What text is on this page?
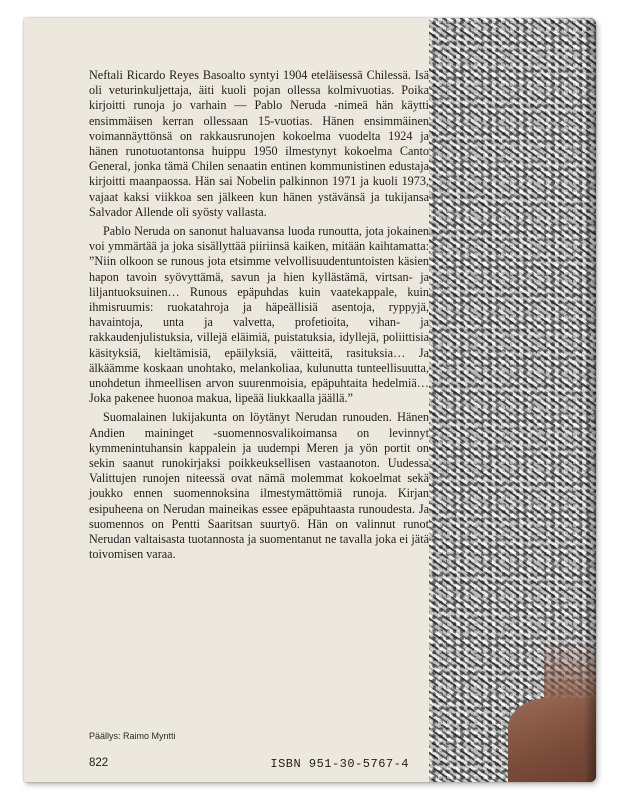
Neftali Ricardo Reyes Basoalto syntyi 1904 eteläisessä Chilessä. Isä oli veturinkuljettaja, äiti kuoli pojan ollessa kolmivuotias. Poika kirjoitti runoja jo varhain — Pablo Neruda -nimeä hän käytti ensimmäisen kerran ollessaan 15-vuotias. Hänen ensimmäinen voimannäyttönsä on rakkausrunojen kokoelma vuodelta 1924 ja hänen runotuotantonsa huippu 1950 ilmestynyt kokoelma Canto General, jonka tämä Chilen senaatin entinen kommunistinen edustaja kirjoitti maanpaossa. Hän sai Nobelin palkinnon 1971 ja kuoli 1973, vajaat kaksi viikkoa sen jälkeen kun hänen ystävänsä ja tukijansa Salvador Allende oli syösty vallasta.

Pablo Neruda on sanonut haluavansa luoda runoutta, jota jokainen voi ymmärtää ja joka sisällyttää piiriinsä kaiken, mitään kaihtamatta: ”Niin olkoon se runous jota etsimme velvollisuudentuntoisten käsien hapon tavoin syövyttämä, savun ja hien kyllästämä, virtsan- ja liljantuoksuinen… Runous epäpuhdas kuin vaatekappale, kuin ihmisruumis: ruokatahroja ja häpeällisiä asentoja, ryppyjä, havaintoja, unta ja valvetta, profetioita, vihan- ja rakkaudenjulistuksia, villejä eläimiä, puistatuksia, idyllejä, poliittisia käsityksiä, kieltämisiä, epäilyksiä, väitteitä, rasituksia… Ja älkäämme koskaan unohtako, melankoliaa, kulunutta tunteellisuutta, unohdetun ihmeellisen arvon suurenmoisia, epäpuhtaita hedelmiä… Joka pakenee huonoa makua, lipeää liukkaalla jäällä.”

Suomalainen lukijakunta on löytänyt Nerudan runouden. Hänen Andien maininget -suomennosvalikoimansa on levinnyt kymmenintuhansin kappalein ja uudempi Meren ja yön portit on sekin saanut runokirjaksi poikkeuksellisen vastaanoton. Uudessa Valittujen runojen niteessä ovat nämä molemmat kokoelmat sekä joukko ennen suomennoksina ilmestymättömiä runoja. Kirjan esipuheena on Nerudan maineikas essee epäpuhtaasta runoudesta. Ja suomennos on Pentti Saaritsan suurtyö. Hän on valinnut runot Nerudan valtaisasta tuotannosta ja suomentanut ne tavalla joka ei jätä toivomisen varaa.

Päällys: Raimo Myntti
822	ISBN 951-30-5767-4
